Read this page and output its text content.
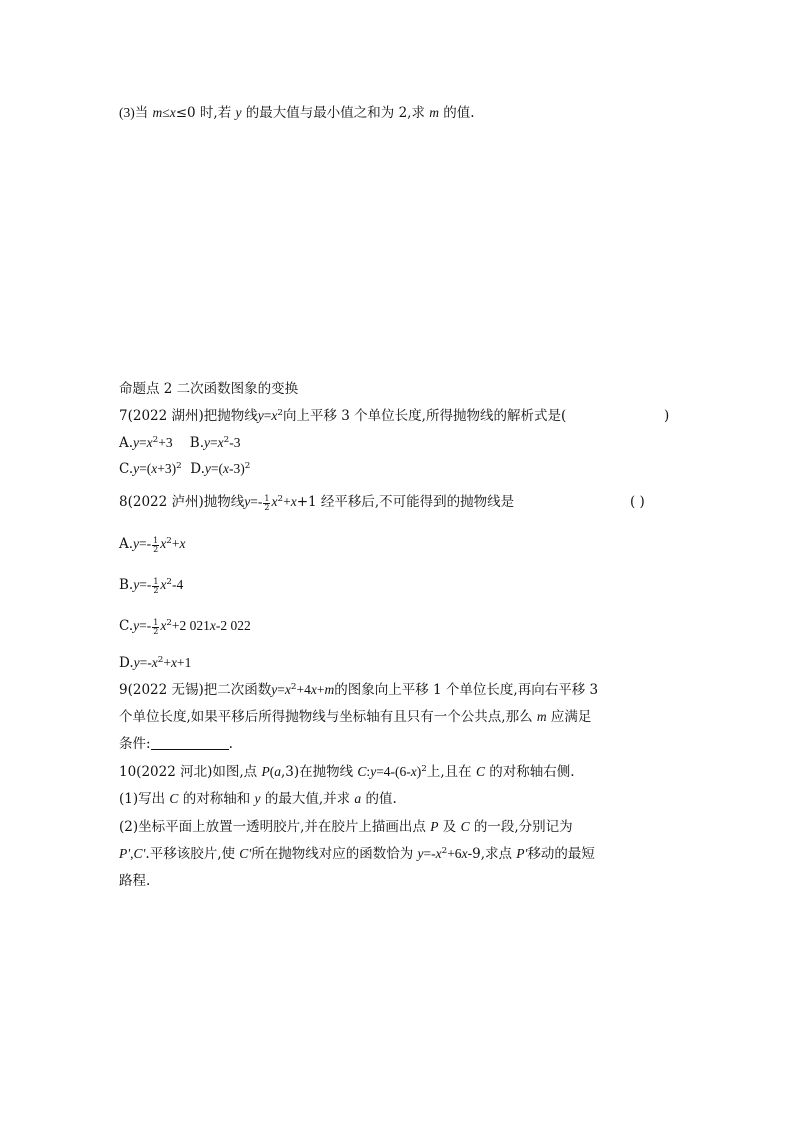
(3)当 m≤x≤0 时,若 y 的最大值与最小值之和为 2,求 m 的值.
命题点 2 二次函数图象的变换
7(2022 湖州)把抛物线$y=x^2$向上平移 3 个单位长度,所得抛物线的解析式是(	)
$A.y=x^2+3$ $B.y=x^2-3$
$C.y=(x+3)^2$ $D.y=(x-3)^2$
8(2022 泸州)抛物线$y=- \frac{1}{2} x^2+x+1$ 经平移后,不可能得到的抛物线是	( )
$A.y=- \frac{1}{2} x^2+x$
$B.y=- \frac{1}{2} x^2-4$
$C.y=- \frac{1}{2} x^2+2$ 021x-2 022
$D.y=-x^2+x+1$
9(2022 无锡)把二次函数$y=x^2+4x+m$的图象向上平移 1 个单位长度,再向右平移 3
个单位长度,如果平移后所得抛物线与坐标轴有且只有一个公共点,那么 m 应满足
条件:	.
10(2022 河北)如图,点 P(a,3)在抛物线 $C:y=4-(6-x)^2$上,且在 C 的对称轴右侧.
(1)写出 C 的对称轴和 y 的最大值,并求 a 的值.
(2)坐标平面上放置一透明胶片,并在胶片上描画出点 P 及 C 的一段,分别记为
P',C'.平移该胶片,使 C'所在抛物线对应的函数恰为 $y=-x^2+6x-9$,求点 P'移动的最短
路程.
